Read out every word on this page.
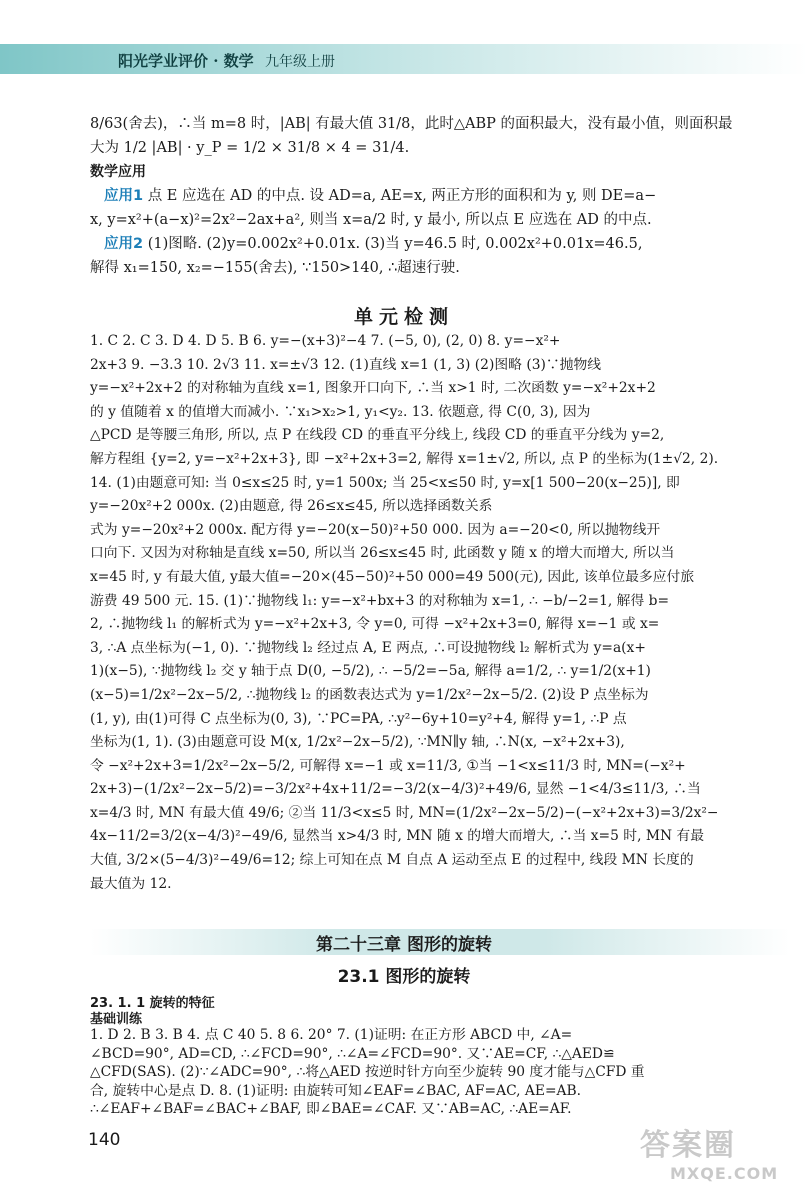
阳光学业评价 · 数学 九年级上册

8/63(舍去)，∴当 m=8 时，|AB| 有最大值 31/8，此时△ABP 的面积最大，没有最小值，则面积最

大为 1/2 |AB| · y_P = 1/2 × 31/8 × 4 = 31/4.

数学应用

应用1 点 E 应选在 AD 的中点. 设 AD=a, AE=x, 两正方形的面积和为 y, 则 DE=a−

x, y=x²+(a−x)²=2x²−2ax+a², 则当 x=a/2 时, y 最小, 所以点 E 应选在 AD 的中点.

应用2 (1)图略. (2)y=0.002x²+0.01x. (3)当 y=46.5 时, 0.002x²+0.01x=46.5,

解得 x₁=150, x₂=−155(舍去), ∵150>140, ∴超速行驶.

单元检测

1. C 2. C 3. D 4. D 5. B 6. y=−(x+3)²−4 7. (−5, 0), (2, 0) 8. y=−x²+

2x+3 9. −3.3 10. 2√3 11. x=±√3 12. (1)直线 x=1 (1, 3) (2)图略 (3)∵抛物线

y=−x²+2x+2 的对称轴为直线 x=1, 图象开口向下, ∴当 x>1 时, 二次函数 y=−x²+2x+2

的 y 值随着 x 的值增大而减小. ∵x₁>x₂>1, y₁<y₂. 13. 依题意, 得 C(0, 3), 因为

△PCD 是等腰三角形, 所以, 点 P 在线段 CD 的垂直平分线上, 线段 CD 的垂直平分线为 y=2,

解方程组 {y=2, y=−x²+2x+3}, 即 −x²+2x+3=2, 解得 x=1±√2, 所以, 点 P 的坐标为(1±√2, 2).

14. (1)由题意可知: 当 0≤x≤25 时, y=1 500x; 当 25<x≤50 时, y=x[1 500−20(x−25)], 即

y=−20x²+2 000x. (2)由题意, 得 26≤x≤45, 所以选择函数关系

式为 y=−20x²+2 000x. 配方得 y=−20(x−50)²+50 000. 因为 a=−20<0, 所以抛物线开

口向下. 又因为对称轴是直线 x=50, 所以当 26≤x≤45 时, 此函数 y 随 x 的增大而增大, 所以当

x=45 时, y 有最大值, y最大值=−20×(45−50)²+50 000=49 500(元), 因此, 该单位最多应付旅

游费 49 500 元. 15. (1)∵抛物线 l₁: y=−x²+bx+3 的对称轴为 x=1, ∴ −b/−2=1, 解得 b=

2, ∴抛物线 l₁ 的解析式为 y=−x²+2x+3, 令 y=0, 可得 −x²+2x+3=0, 解得 x=−1 或 x=

3, ∴A 点坐标为(−1, 0). ∵抛物线 l₂ 经过点 A, E 两点, ∴可设抛物线 l₂ 解析式为 y=a(x+

1)(x−5), ∵抛物线 l₂ 交 y 轴于点 D(0, −5/2), ∴ −5/2=−5a, 解得 a=1/2, ∴ y=1/2(x+1)

(x−5)=1/2x²−2x−5/2, ∴抛物线 l₂ 的函数表达式为 y=1/2x²−2x−5/2. (2)设 P 点坐标为

(1, y), 由(1)可得 C 点坐标为(0, 3), ∵PC=PA, ∴y²−6y+10=y²+4, 解得 y=1, ∴P 点

坐标为(1, 1). (3)由题意可设 M(x, 1/2x²−2x−5/2), ∵MN∥y 轴, ∴N(x, −x²+2x+3),

令 −x²+2x+3=1/2x²−2x−5/2, 可解得 x=−1 或 x=11/3, ①当 −1<x≤11/3 时, MN=(−x²+

2x+3)−(1/2x²−2x−5/2)=−3/2x²+4x+11/2=−3/2(x−4/3)²+49/6, 显然 −1<4/3≤11/3, ∴当

x=4/3 时, MN 有最大值 49/6; ②当 11/3<x≤5 时, MN=(1/2x²−2x−5/2)−(−x²+2x+3)=3/2x²−

4x−11/2=3/2(x−4/3)²−49/6, 显然当 x>4/3 时, MN 随 x 的增大而增大, ∴当 x=5 时, MN 有最

大值, 3/2×(5−4/3)²−49/6=12; 综上可知在点 M 自点 A 运动至点 E 的过程中, 线段 MN 长度的

最大值为 12.

第二十三章 图形的旋转
23.1 图形的旋转
23. 1. 1 旋转的特征
基础训练

1. D 2. B 3. B 4. 点 C 40 5. 8 6. 20° 7. (1)证明: 在正方形 ABCD 中, ∠A=

∠BCD=90°, AD=CD, ∴∠FCD=90°, ∴∠A=∠FCD=90°. 又∵AE=CF, ∴△AED≌

△CFD(SAS). (2)∵∠ADC=90°, ∴将△AED 按逆时针方向至少旋转 90 度才能与△CFD 重

合, 旋转中心是点 D. 8. (1)证明: 由旋转可知∠EAF=∠BAC, AF=AC, AE=AB.

∴∠EAF+∠BAF=∠BAC+∠BAF, 即∠BAE=∠CAF. 又∵AB=AC, ∴AE=AF.

140	答案圈
MXQE.COM
